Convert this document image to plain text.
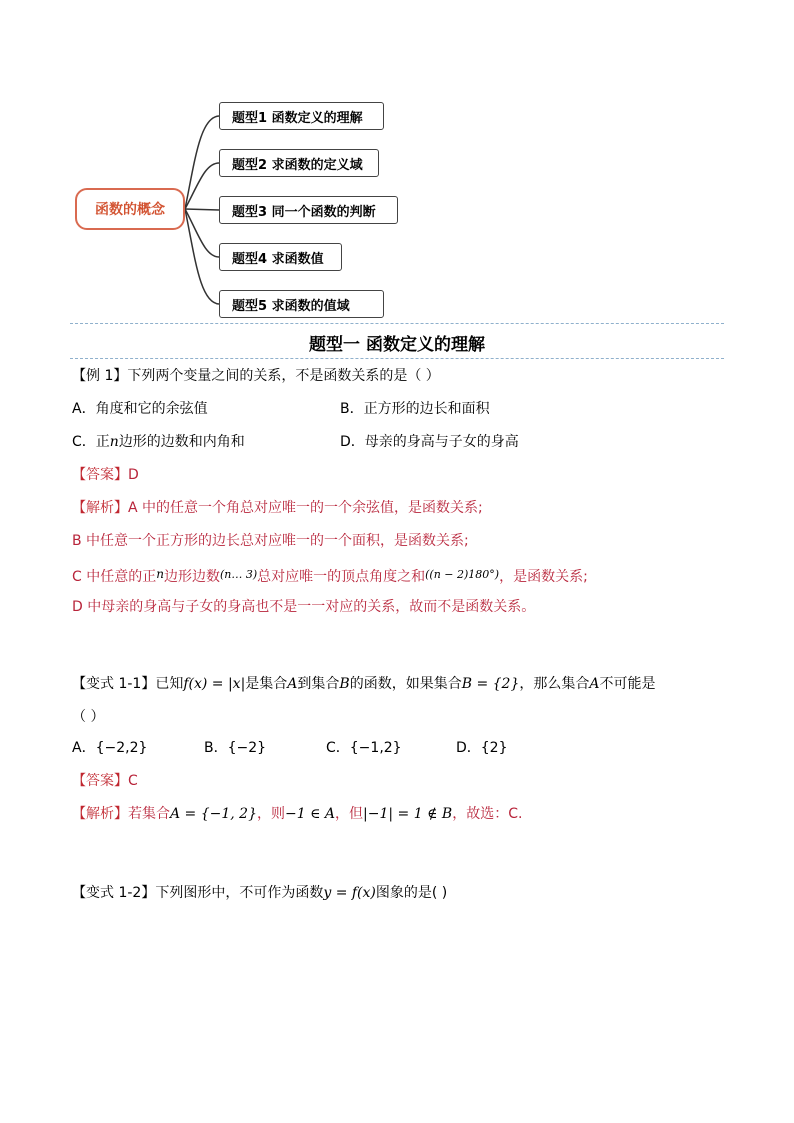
函数的概念
题型1 函数定义的理解
题型2 求函数的定义域
题型3 同一个函数的判断
题型4 求函数值
题型5 求函数的值域
题型一 函数定义的理解
【例 1】下列两个变量之间的关系，不是函数关系的是（ ）
A．角度和它的余弦值	B．正方形的边长和面积
C．正n边形的边数和内角和	D．母亲的身高与子女的身高
【答案】D
【解析】A 中的任意一个角总对应唯一的一个余弦值，是函数关系;
B 中任意一个正方形的边长总对应唯一的一个面积，是函数关系;
C 中任意的正n边形边数$^{(n\dots 3)}$总对应唯一的顶点角度之和$^{((n - 2)180^\circ)}$，是函数关系;
D 中母亲的身高与子女的身高也不是一一对应的关系，故而不是函数关系。
【变式 1-1】已知f(x) = |x|是集合A到集合B的函数，如果集合B = {2}，那么集合A不可能是
（ ）
A．{−2,2}	B．{−2}	C．{−1,2}	D．{2}
【答案】C
【解析】若集合A = {−1, 2}，则−1 ∈ A，但|−1| = 1 ∉ B，故选：C.
【变式 1-2】下列图形中，不可作为函数y = f(x)图象的是( )
